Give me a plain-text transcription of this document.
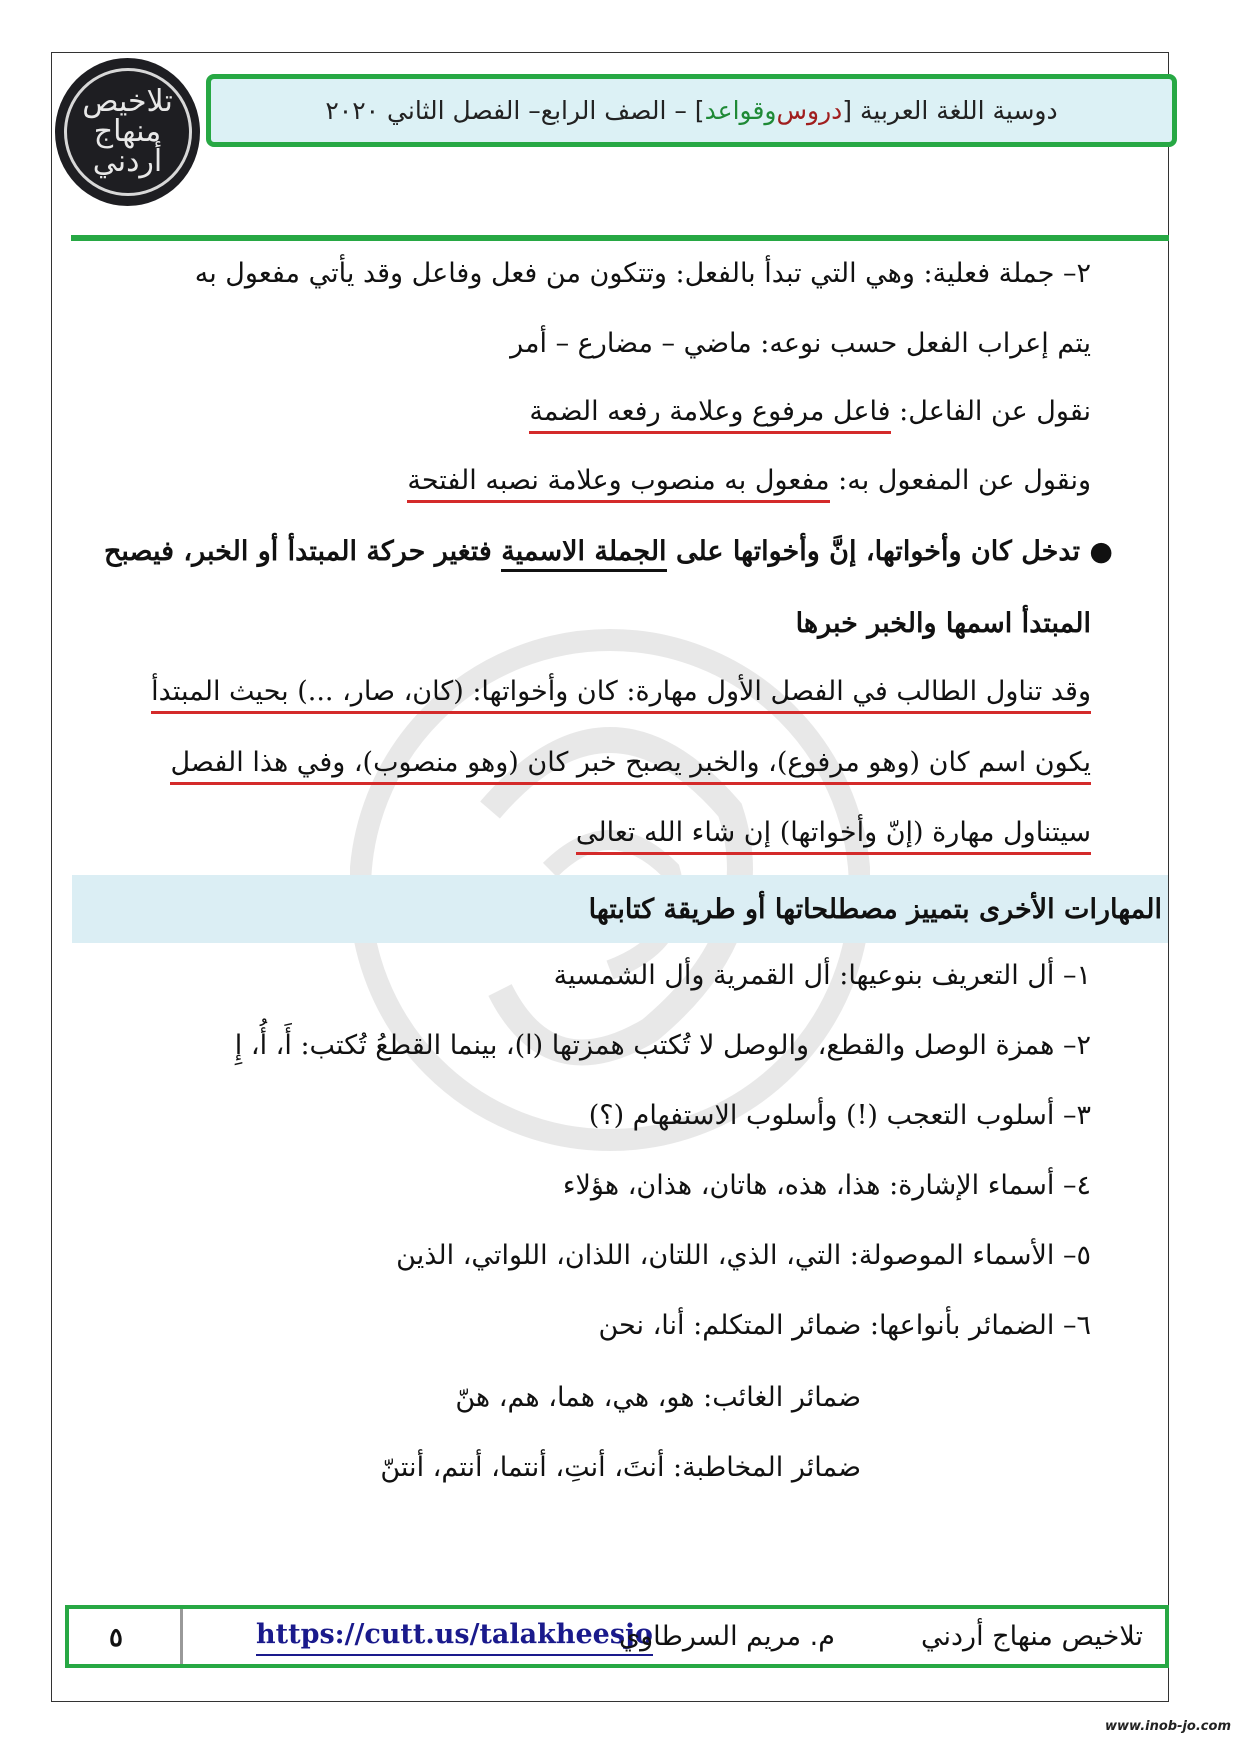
تلاخيص منهاج أردني
دوسية اللغة العربية [
دروس
و
قواعد
] – الصف الرابع– الفصل الثاني ٢٠٢٠
٢– جملة فعلية: وهي التي تبدأ بالفعل: وتتكون من فعل وفاعل وقد يأتي مفعول به
يتم إعراب الفعل حسب نوعه: ماضي – مضارع – أمر
نقول عن الفاعل: فاعل مرفوع وعلامة رفعه الضمة
ونقول عن المفعول به: مفعول به منصوب وعلامة نصبه الفتحة
● تدخل كان وأخواتها، إنَّ وأخواتها على الجملة الاسمية فتغير حركة المبتدأ أو الخبر، فيصبح
المبتدأ اسمها والخبر خبرها
وقد تناول الطالب في الفصل الأول مهارة: كان وأخواتها: (كان، صار، ...) بحيث المبتدأ
يكون اسم كان (وهو مرفوع)، والخبر يصبح خبر كان (وهو منصوب)، وفي هذا الفصل
سيتناول مهارة (إنّ وأخواتها) إن شاء الله تعالى
المهارات الأخرى بتمييز مصطلحاتها أو طريقة كتابتها
١– أل التعريف بنوعيها: أل القمرية وأل الشمسية
٢– همزة الوصل والقطع، والوصل لا تُكتب همزتها (ا)، بينما القطعُ تُكتب: أَ، أُ، إِ
٣– أسلوب التعجب (!) وأسلوب الاستفهام (؟)
٤– أسماء الإشارة: هذا، هذه، هاتان، هذان، هؤلاء
٥– الأسماء الموصولة: التي، الذي، اللتان، اللذان، اللواتي، الذين
٦– الضمائر بأنواعها: ضمائر المتكلم: أنا، نحن
ضمائر الغائب: هو، هي، هما، هم، هنّ
ضمائر المخاطبة: أنتَ، أنتِ، أنتما، أنتم، أنتنّ
٥	https://cutt.us/talakheesjo
م. مريم السرطاوي	تلاخيص منهاج أردني
www.inob-jo.com
